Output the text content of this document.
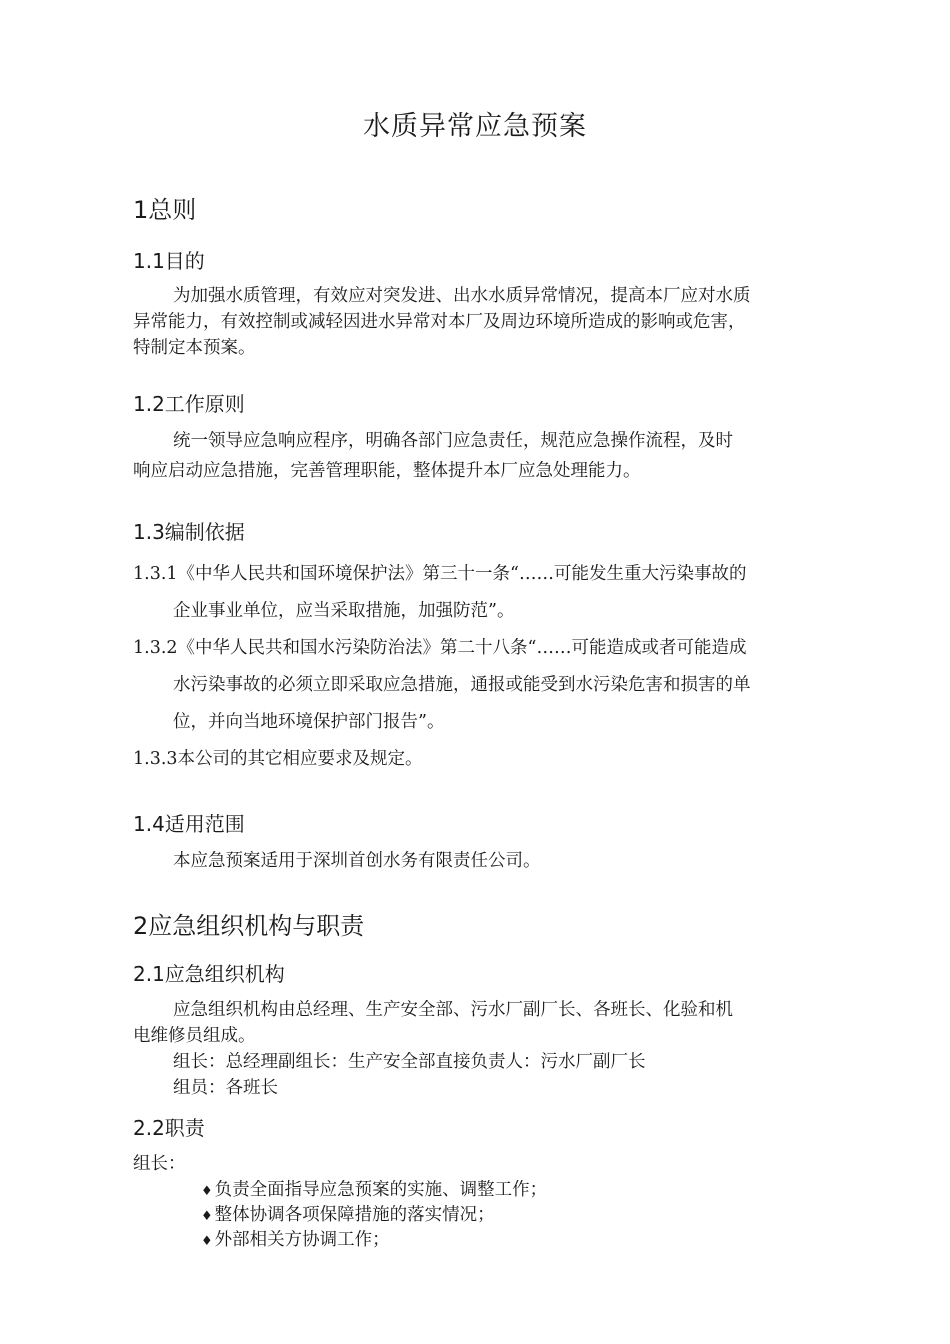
水质异常应急预案
1总则
1.1目的
为加强水质管理，有效应对突发进、出水水质异常情况，提高本厂应对水质
异常能力，有效控制或减轻因进水异常对本厂及周边环境所造成的影响或危害，
特制定本预案。
1.2工作原则
统一领导应急响应程序，明确各部门应急责任，规范应急操作流程，及时
响应启动应急措施，完善管理职能，整体提升本厂应急处理能力。
1.3编制依据
1.3.1《中华人民共和国环境保护法》第三十一条“……可能发生重大污染事故的
企业事业单位，应当采取措施，加强防范”。
1.3.2《中华人民共和国水污染防治法》第二十八条“……可能造成或者可能造成
水污染事故的必须立即采取应急措施，通报或能受到水污染危害和损害的单
位，并向当地环境保护部门报告”。
1.3.3本公司的其它相应要求及规定。
1.4适用范围
本应急预案适用于深圳首创水务有限责任公司。
2应急组织机构与职责
2.1应急组织机构
应急组织机构由总经理、生产安全部、污水厂副厂长、各班长、化验和机
电维修员组成。
组长：总经理副组长：生产安全部直接负责人：污水厂副厂长
组员：各班长
2.2职责
组长：
♦ 负责全面指导应急预案的实施、调整工作；
♦ 整体协调各项保障措施的落实情况；
♦ 外部相关方协调工作；
